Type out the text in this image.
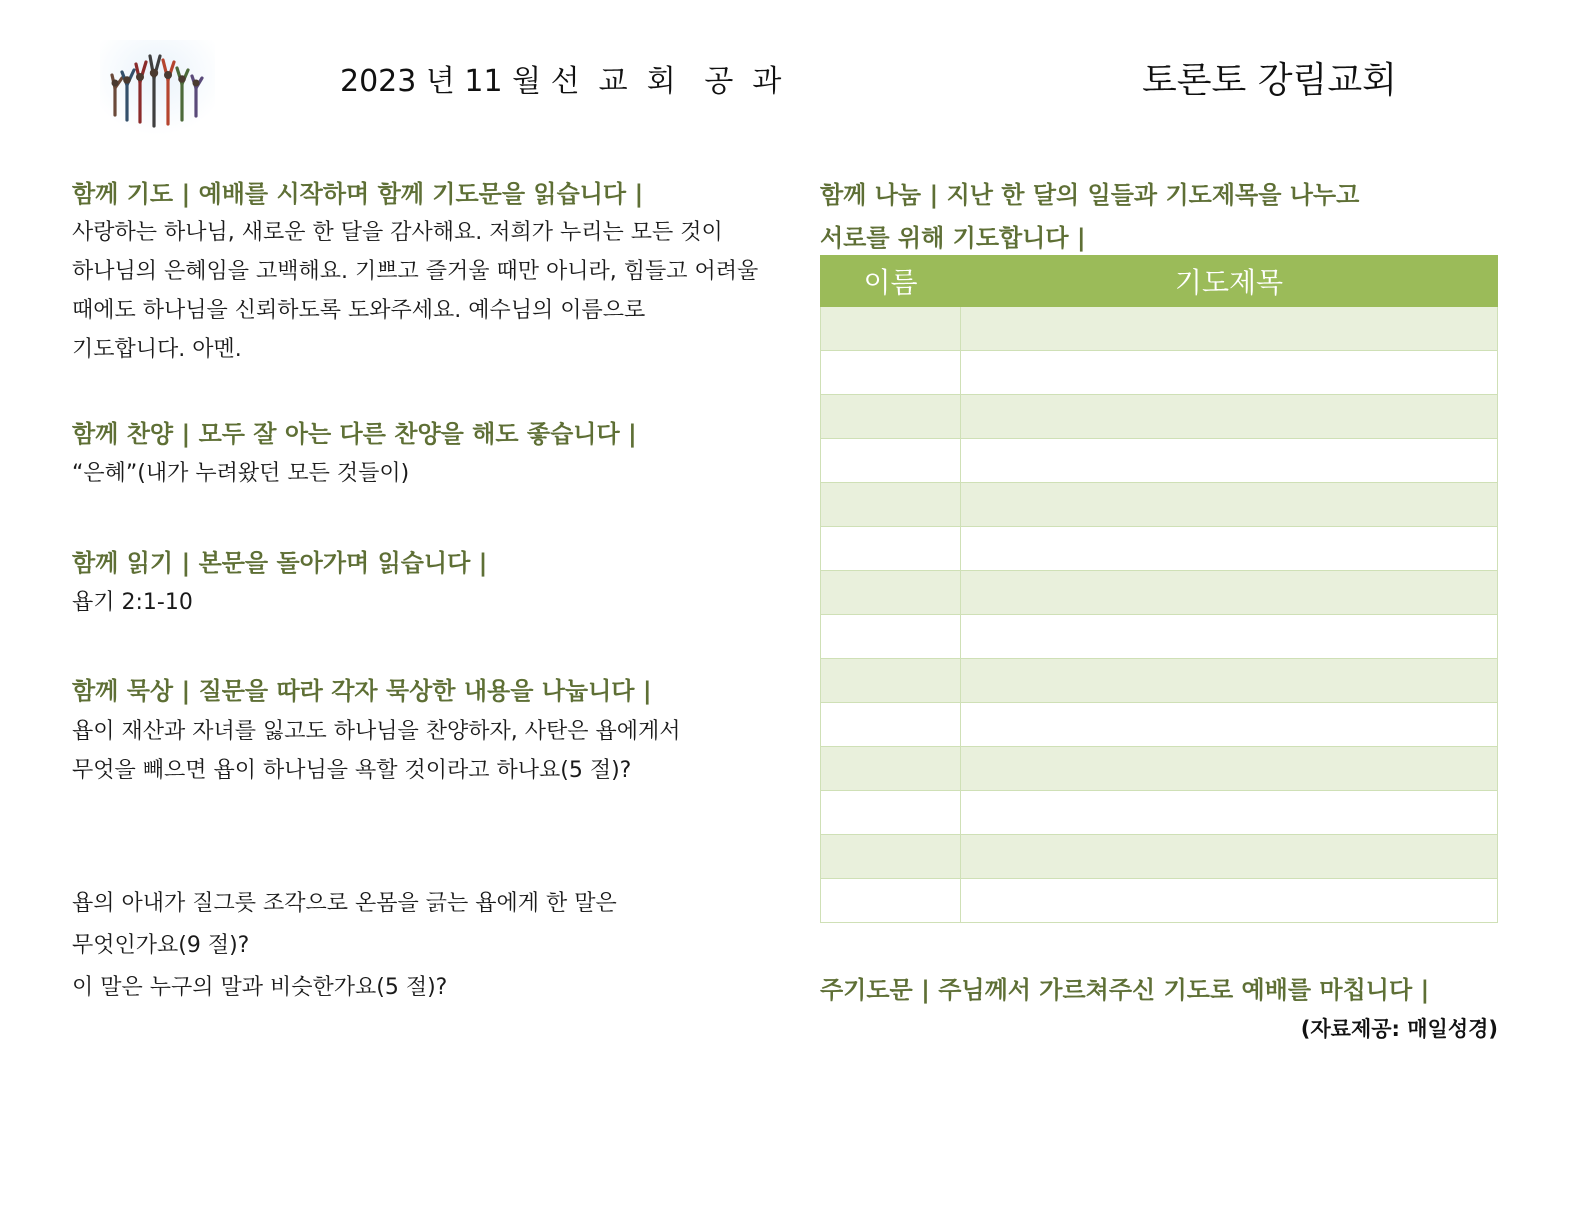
2023 년 11 월 선  교  회   공  과	토론토 강림교회
함께 기도 | 예배를 시작하며 함께 기도문을 읽습니다 |
사랑하는 하나님, 새로운 한 달을 감사해요. 저희가 누리는 모든 것이
하나님의 은혜임을 고백해요. 기쁘고 즐거울 때만 아니라, 힘들고 어려울
때에도 하나님을 신뢰하도록 도와주세요. 예수님의 이름으로
기도합니다. 아멘.
함께 찬양 | 모두 잘 아는 다른 찬양을 해도 좋습니다 |
“은혜”(내가 누려왔던 모든 것들이)
함께 읽기 | 본문을 돌아가며 읽습니다 |
욥기 2:1-10
함께 묵상 | 질문을 따라 각자 묵상한 내용을 나눕니다 |
욥이 재산과 자녀를 잃고도 하나님을 찬양하자, 사탄은 욥에게서
무엇을 빼으면 욥이 하나님을 욕할 것이라고 하나요(5 절)?
욥의 아내가 질그릇 조각으로 온몸을 긁는 욥에게 한 말은
무엇인가요(9 절)?
이 말은 누구의 말과 비슷한가요(5 절)?
함께 나눔 | 지난 한 달의 일들과 기도제목을 나누고
서로를 위해 기도합니다 |
이름	기도제목

주기도문 | 주님께서 가르쳐주신 기도로 예배를 마칩니다 |
(자료제공: 매일성경)
